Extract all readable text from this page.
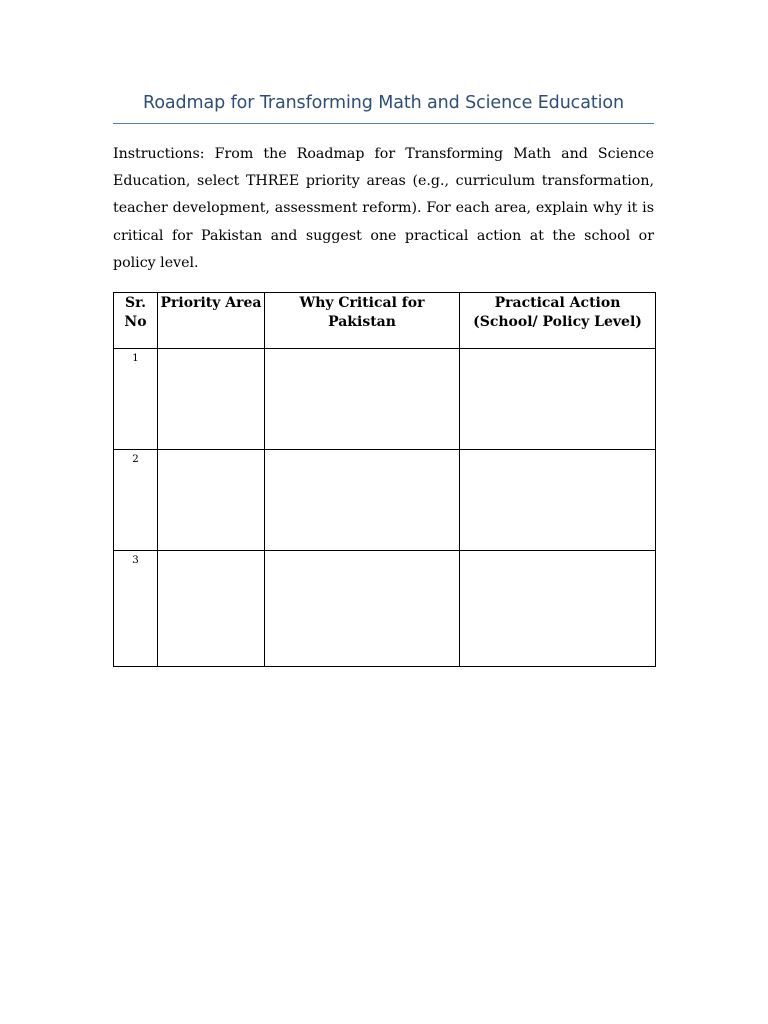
Roadmap for Transforming Math and Science Education

Instructions: From the Roadmap for Transforming Math and Science Education, select THREE priority areas (e.g., curriculum transformation, teacher development, assessment reform). For each area, explain why it is critical for Pakistan and suggest one practical action at the school or policy level.

Sr. No	Priority Area	Why Critical for Pakistan	Practical Action (School/ Policy Level)
1			
2			
3			
